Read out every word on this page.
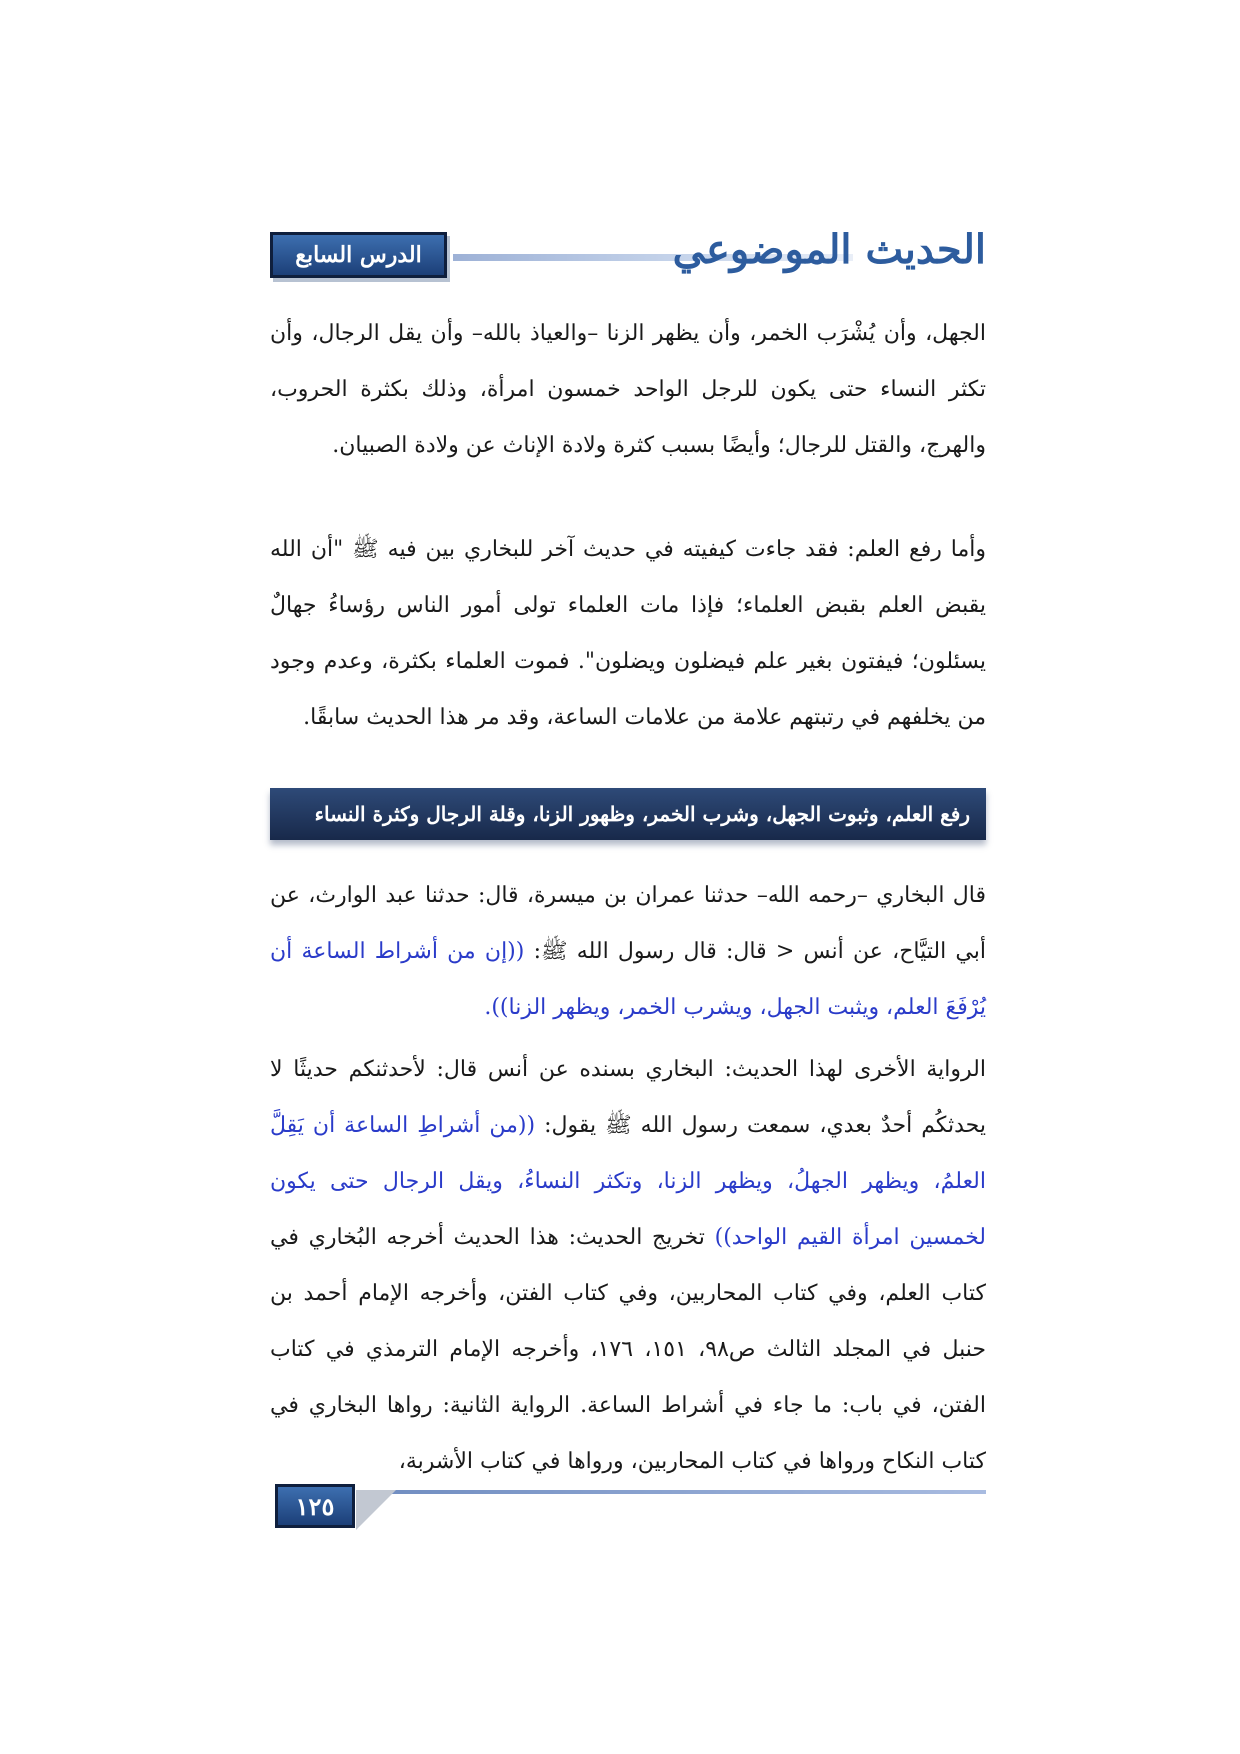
الدرس السابع	الحديث الموضوعي

الجهل، وأن يُشْرَب الخمر، وأن يظهر الزنا –والعياذ بالله– وأن يقل الرجال، وأن تكثر النساء حتى يكون للرجل الواحد خمسون امرأة، وذلك بكثرة الحروب، والهرج، والقتل للرجال؛ وأيضًا بسبب كثرة ولادة الإناث عن ولادة الصبيان.

وأما رفع العلم: فقد جاءت كيفيته في حديث آخر للبخاري بين فيه ﷺ "أن الله يقبض العلم بقبض العلماء؛ فإذا مات العلماء تولى أمور الناس رؤساءُ جهالٌ يسئلون؛ فيفتون بغير علم فيضلون ويضلون". فموت العلماء بكثرة، وعدم وجود من يخلفهم في رتبتهم علامة من علامات الساعة، وقد مر هذا الحديث سابقًا.

رفع العلم، وثبوت الجهل، وشرب الخمر، وظهور الزنا، وقلة الرجال وكثرة النساء

قال البخاري –رحمه الله– حدثنا عمران بن ميسرة، قال: حدثنا عبد الوارث، عن أبي التيَّاح، عن أنس < قال: قال رسول الله ﷺ: ((إن من أشراط الساعة أن يُرْفَعَ العلم، ويثبت الجهل، ويشرب الخمر، ويظهر الزنا)).

الرواية الأخرى لهذا الحديث: البخاري بسنده عن أنس قال: لأحدثنكم حديثًا لا يحدثكُم أحدٌ بعدي، سمعت رسول الله ﷺ يقول: ((من أشراطِ الساعة أن يَقِلَّ العلمُ، ويظهر الجهلُ، ويظهر الزنا، وتكثر النساءُ، ويقل الرجال حتى يكون لخمسين امرأة القيم الواحد)) تخريج الحديث: هذا الحديث أخرجه البُخاري في كتاب العلم، وفي كتاب المحاربين، وفي كتاب الفتن، وأخرجه الإمام أحمد بن حنبل في المجلد الثالث ص٩٨، ١٥١، ١٧٦، وأخرجه الإمام الترمذي في كتاب الفتن، في باب: ما جاء في أشراط الساعة. الرواية الثانية: رواها البخاري في كتاب النكاح ورواها في كتاب المحاربين، ورواها في كتاب الأشربة،

١٢٥
